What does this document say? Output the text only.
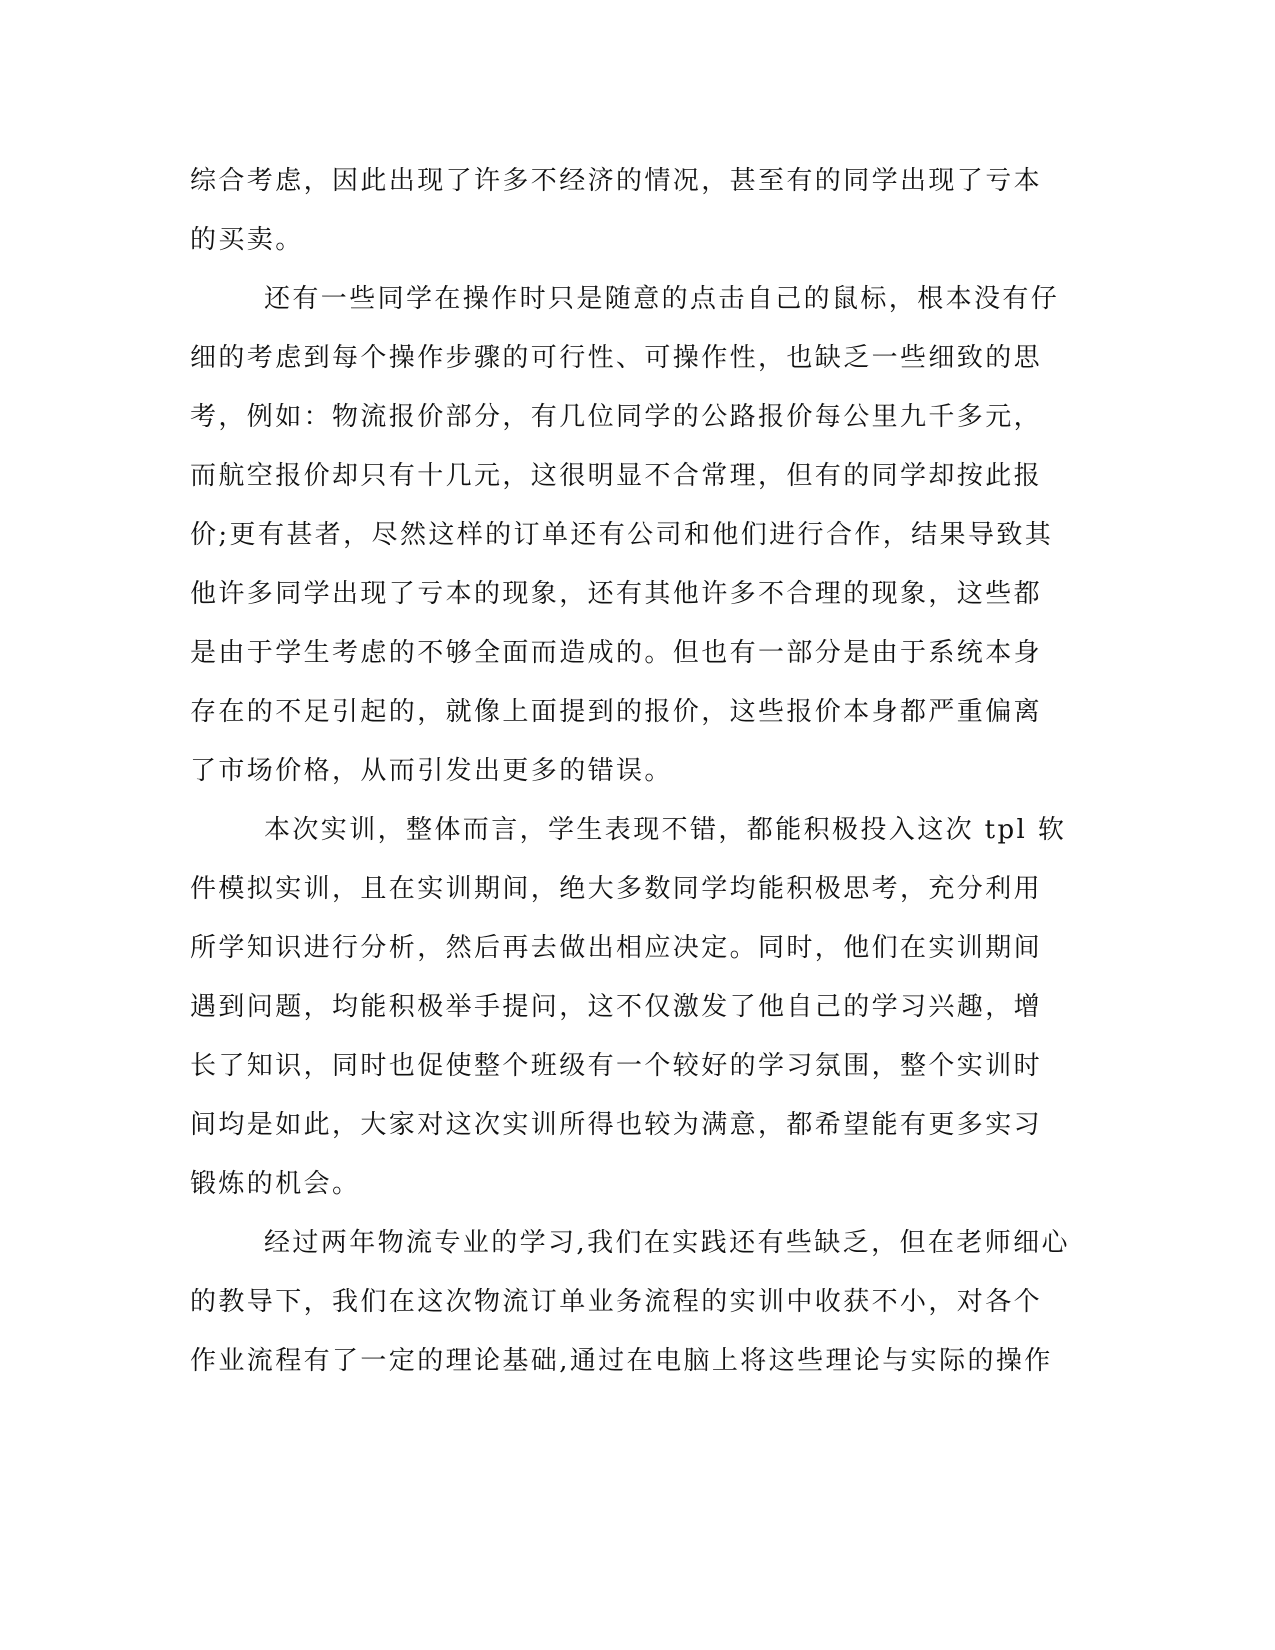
综合考虑，因此出现了许多不经济的情况，甚至有的同学出现了亏本

的买卖。

还有一些同学在操作时只是随意的点击自己的鼠标，根本没有仔

细的考虑到每个操作步骤的可行性、可操作性，也缺乏一些细致的思

考，例如：物流报价部分，有几位同学的公路报价每公里九千多元，

而航空报价却只有十几元，这很明显不合常理，但有的同学却按此报

价;更有甚者，尽然这样的订单还有公司和他们进行合作，结果导致其

他许多同学出现了亏本的现象，还有其他许多不合理的现象，这些都

是由于学生考虑的不够全面而造成的。但也有一部分是由于系统本身

存在的不足引起的，就像上面提到的报价，这些报价本身都严重偏离

了市场价格，从而引发出更多的错误。

本次实训，整体而言，学生表现不错，都能积极投入这次 tpl 软

件模拟实训，且在实训期间，绝大多数同学均能积极思考，充分利用

所学知识进行分析，然后再去做出相应决定。同时，他们在实训期间

遇到问题，均能积极举手提问，这不仅激发了他自己的学习兴趣，增

长了知识，同时也促使整个班级有一个较好的学习氛围，整个实训时

间均是如此，大家对这次实训所得也较为满意，都希望能有更多实习

锻炼的机会。

经过两年物流专业的学习,我们在实践还有些缺乏，但在老师细心

的教导下，我们在这次物流订单业务流程的实训中收获不小，对各个

作业流程有了一定的理论基础,通过在电脑上将这些理论与实际的操作
